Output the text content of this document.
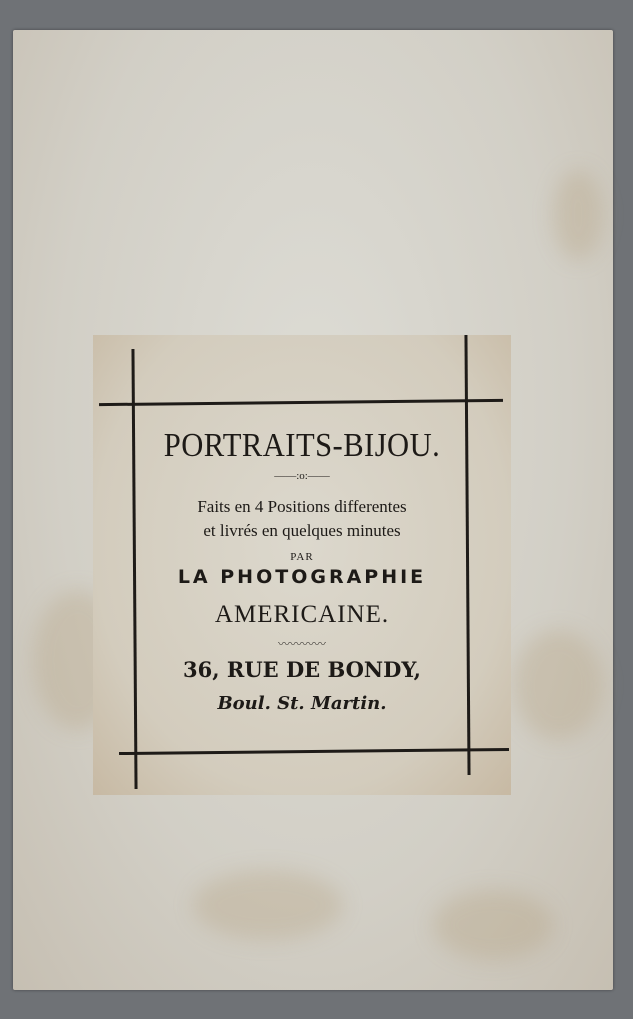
PORTRAITS-BIJOU.
——:o:——
Faits en 4 Positions differentes
et livrés en quelques minutes
PAR
LA PHOTOGRAPHIE
AMERICAINE.
〰〰〰〰
36, RUE DE BONDY,
Boul. St. Martin.
